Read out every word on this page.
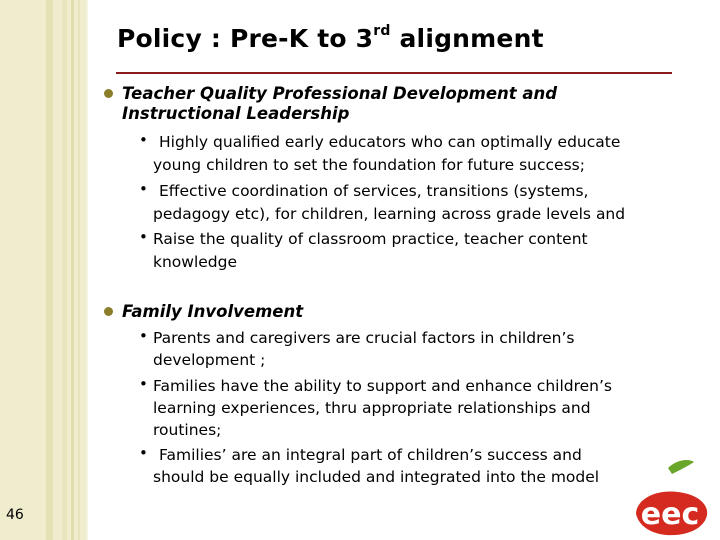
Policy : Pre-K to 3rd alignment
Teacher Quality Professional Development and
Instructional Leadership
• Highly qualified early educators who can optimally educate
young children to set the foundation for future success;
• Effective coordination of services, transitions (systems,
pedagogy etc), for children, learning across grade levels and
• Raise the quality of classroom practice, teacher content
knowledge
Family Involvement
• Parents and caregivers are crucial factors in children’s
development ;
• Families have the ability to support and enhance children’s
learning experiences, thru appropriate relationships and
routines;
• Families’ are an integral part of children’s success and
should be equally included and integrated into the model
46	eec
